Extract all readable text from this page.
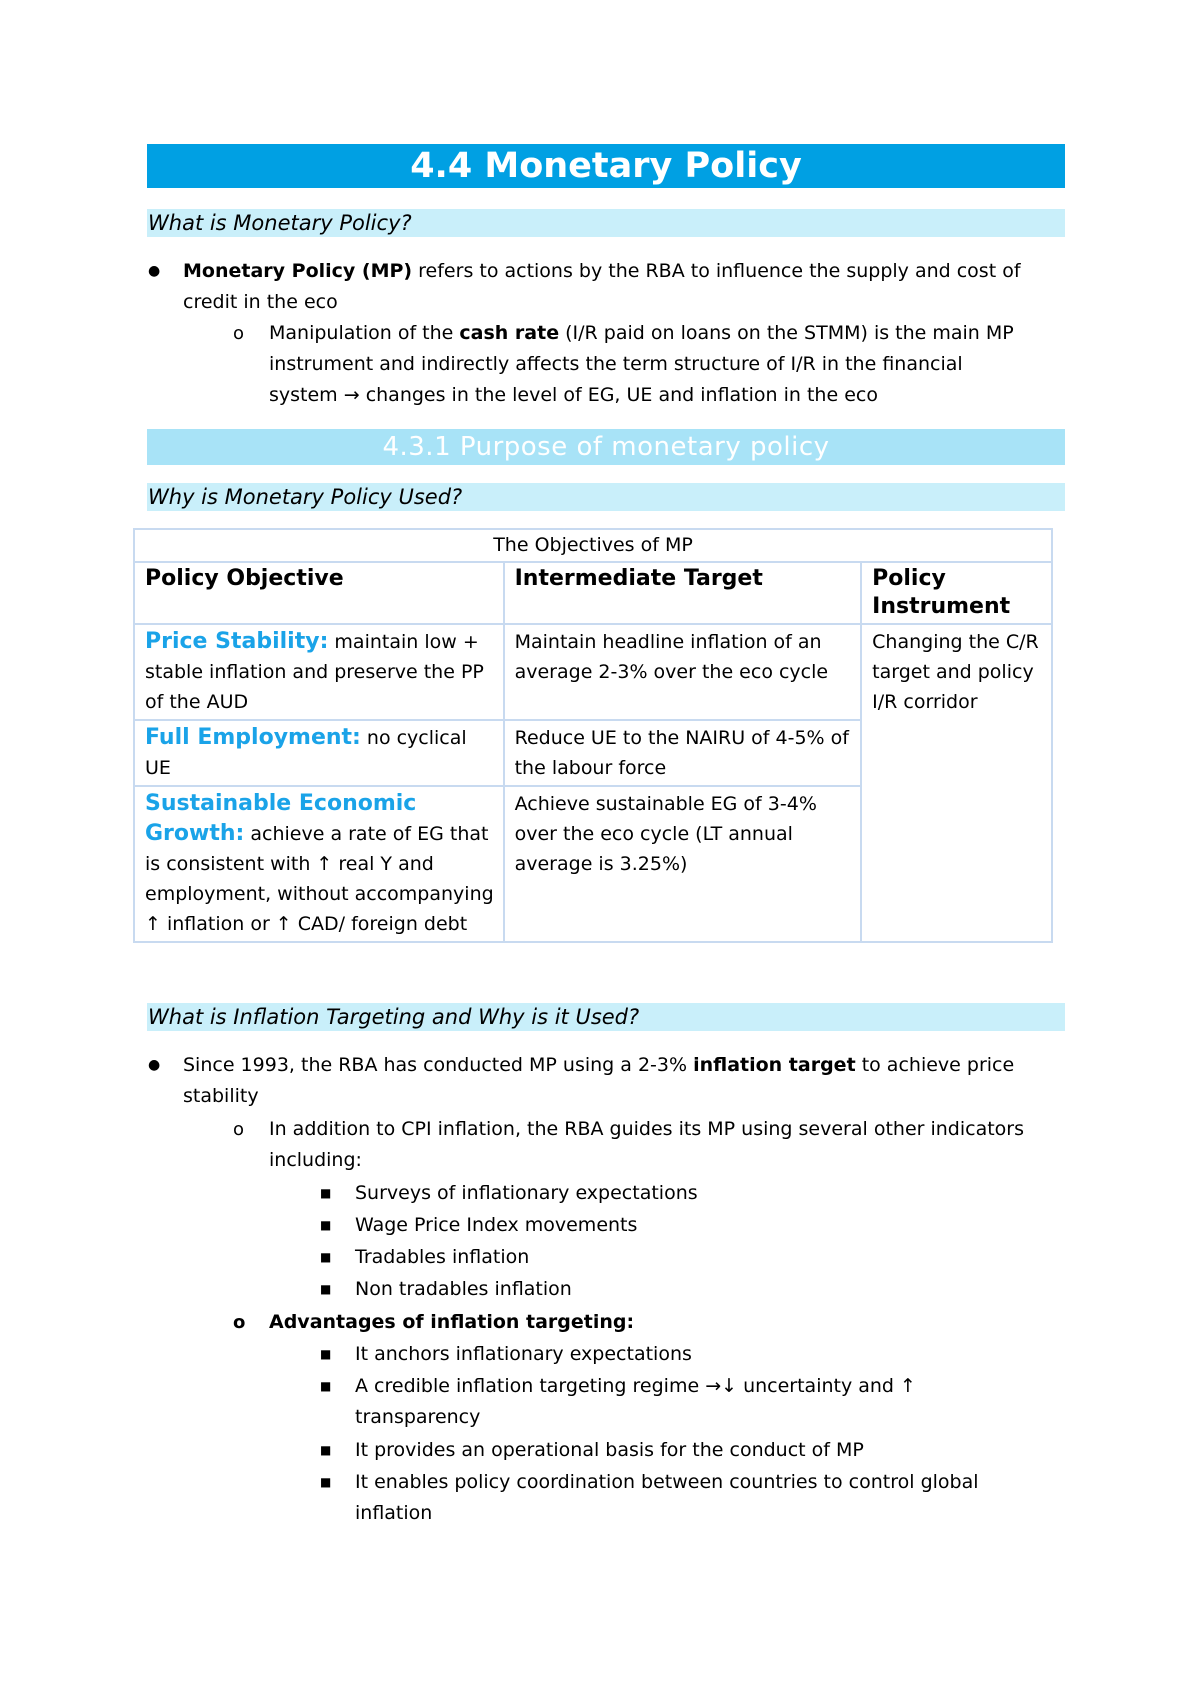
4.4 Monetary Policy
What is Monetary Policy?
● Monetary Policy (MP) refers to actions by the RBA to influence the supply and cost of
credit in the eco
o Manipulation of the cash rate (I/R paid on loans on the STMM) is the main MP
instrument and indirectly affects the term structure of I/R in the financial
system → changes in the level of EG, UE and inflation in the eco
4.3.1 Purpose of monetary policy
Why is Monetary Policy Used?
The Objectives of MP		
Policy Objective	Intermediate Target	Policy Instrument
Price Stability: maintain low + stable inflation and preserve the PP of the AUD	Maintain headline inflation of an average 2-3% over the eco cycle	Changing the C/R target and policy I/R corridor
Full Employment: no cyclical UE	Reduce UE to the NAIRU of 4-5% of the labour force	
Sustainable Economic Growth: achieve a rate of EG that is consistent with ↑ real Y and employment, without accompanying ↑ inflation or ↑ CAD/ foreign debt	Achieve sustainable EG of 3-4% over the eco cycle (LT annual average is 3.25%)	
What is Inflation Targeting and Why is it Used?
● Since 1993, the RBA has conducted MP using a 2-3% inflation target to achieve price
stability
o In addition to CPI inflation, the RBA guides its MP using several other indicators
including:
■ Surveys of inflationary expectations
■ Wage Price Index movements
■ Tradables inflation
■ Non tradables inflation
o Advantages of inflation targeting:
■ It anchors inflationary expectations
■ A credible inflation targeting regime →↓ uncertainty and ↑
transparency
■ It provides an operational basis for the conduct of MP
■ It enables policy coordination between countries to control global
inflation
